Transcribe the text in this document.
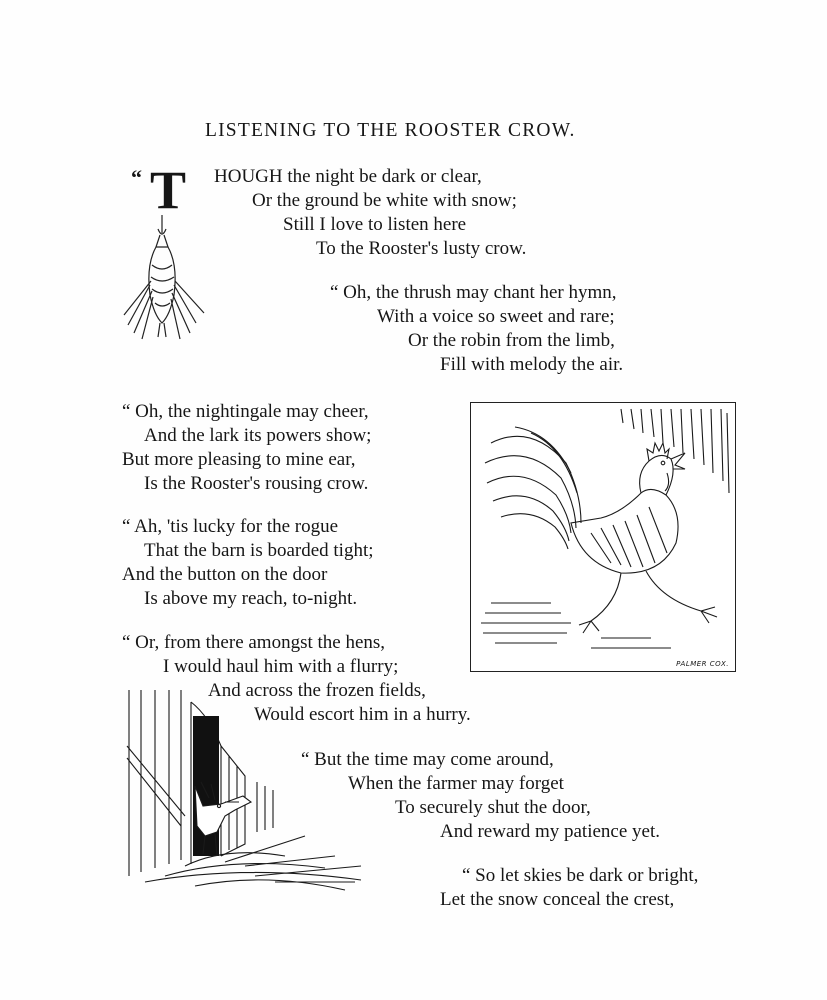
LISTENING TO THE ROOSTER CROW.
“ T HOUGH the night be dark or clear,
Or the ground be white with snow;
Still I love to listen here
To the Rooster's lusty crow.
“ Oh, the thrush may chant her hymn,
With a voice so sweet and rare;
Or the robin from the limb,
Fill with melody the air.
“ Oh, the nightingale may cheer,
And the lark its powers show;
But more pleasing to mine ear,
Is the Rooster's rousing crow.
“ Ah, 'tis lucky for the rogue
That the barn is boarded tight;
And the button on the door
Is above my reach, to-night.
“ Or, from there amongst the hens,
I would haul him with a flurry;
And across the frozen fields,
Would escort him in a hurry.
“ But the time may come around,
When the farmer may forget
To securely shut the door,
And reward my patience yet.
“ So let skies be dark or bright,
Let the snow conceal the crest,
PALMER COX.
